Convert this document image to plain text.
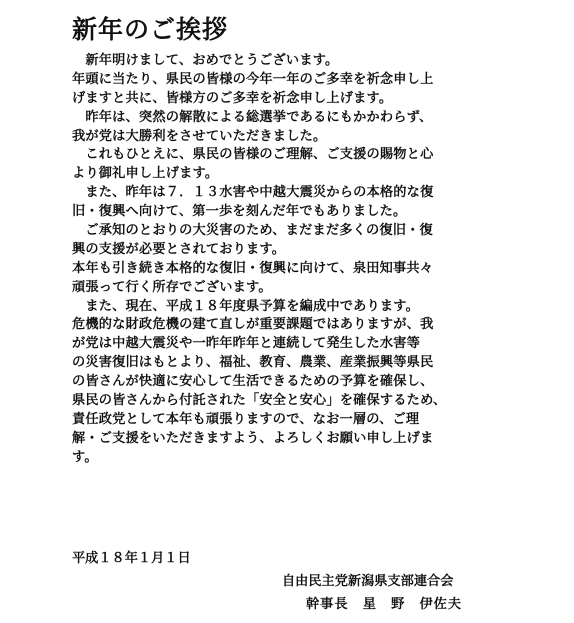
新年のご挨拶
　新年明けまして、おめでとうございます。
年頭に当たり、県民の皆様の今年一年のご多幸を祈念申し上
げますと共に、皆様方のご多幸を祈念申し上げます。
　昨年は、突然の解散による総選挙であるにもかかわらず、
我が党は大勝利をさせていただきました。
　これもひとえに、県民の皆様のご理解、ご支援の賜物と心
より御礼申し上げます。
　また、昨年は７．１３水害や中越大震災からの本格的な復
旧・復興へ向けて、第一歩を刻んだ年でもありました。
　ご承知のとおりの大災害のため、まだまだ多くの復旧・復
興の支援が必要とされております。
本年も引き続き本格的な復旧・復興に向けて、泉田知事共々
頑張って行く所存でございます。
　また、現在、平成１８年度県予算を編成中であります。
危機的な財政危機の建て直しが重要課題ではありますが、我
が党は中越大震災や一昨年昨年と連続して発生した水害等
の災害復旧はもとより、福祉、教育、農業、産業振興等県民
の皆さんが快適に安心して生活できるための予算を確保し、
県民の皆さんから付託された「安全と安心」を確保するため、
責任政党として本年も頑張りますので、なお一層の、ご理
解・ご支援をいただきますよう、よろしくお願い申し上げま
す。
平成１８年１月１日
自由民主党新潟県支部連合会
幹事長　星　野　伊佐夫
